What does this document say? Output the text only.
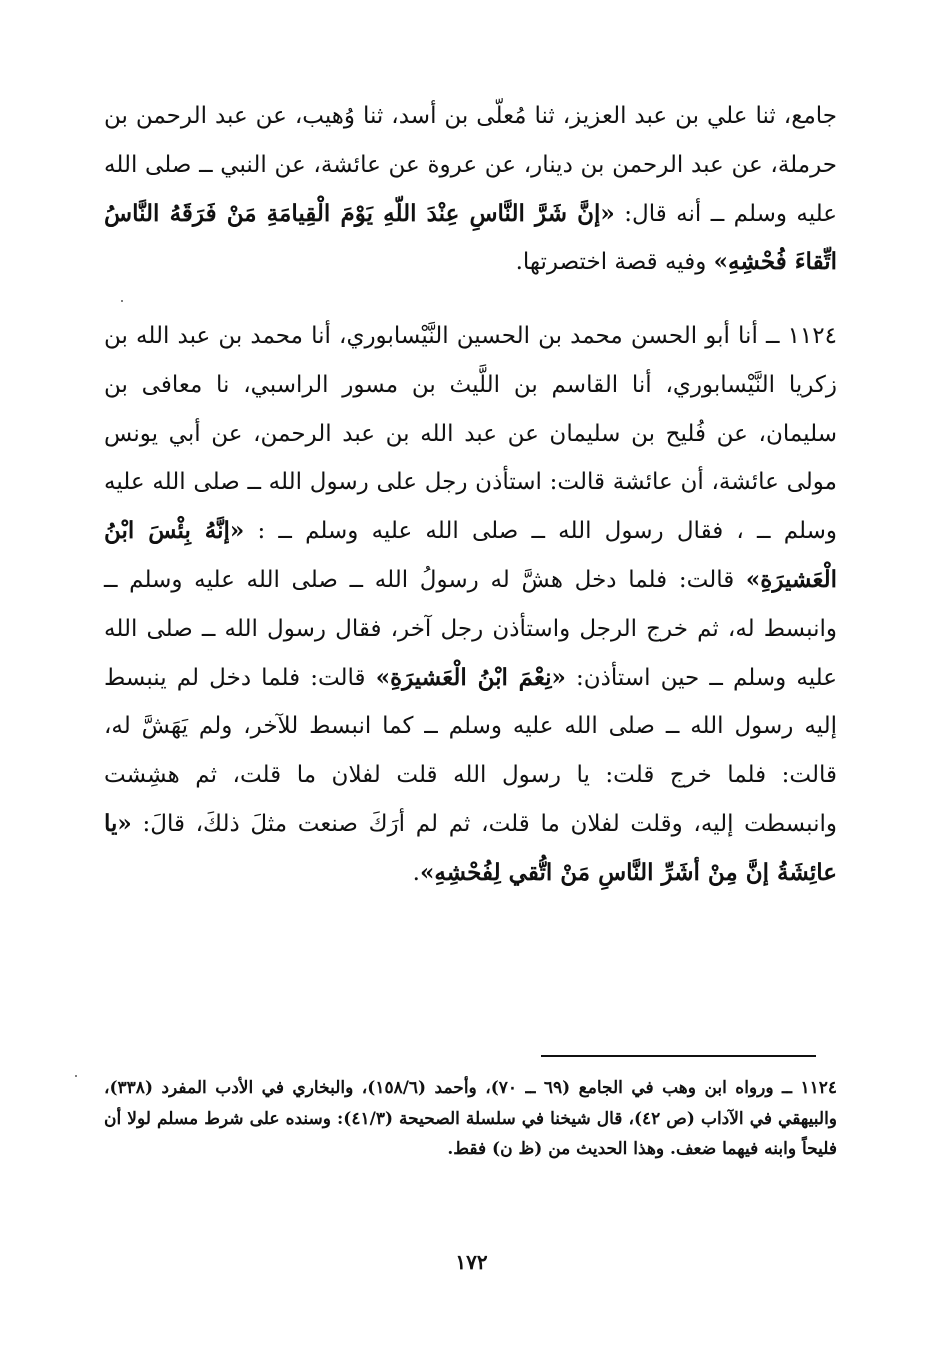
جامع، ثنا علي بن عبد العزيز، ثنا مُعلّى بن أسد، ثنا وُهيب، عن عبد الرحمن بن حرملة، عن عبد الرحمن بن دينار، عن عروة عن عائشة، عن النبي ــ صلى الله عليه وسلم ــ أنه قال: «إنَّ شَرَّ النَّاسِ عِنْدَ اللّهِ يَوْمَ الْقِيامَةِ مَنْ فَرَقَهُ النَّاسُ اتِّقاءَ فُحْشِهِ» وفيه قصة اختصرتها.

١١٢٤ ــ أنا أبو الحسن محمد بن الحسين النَّيْسابوري، أنا محمد بن عبد الله بن زكريا النَّيْسابوري، أنا القاسم بن اللَّيث بن مسور الراسبي، نا معافى بن سليمان، عن فُليح بن سليمان عن عبد الله بن عبد الرحمن، عن أبي يونس مولى عائشة، أن عائشة قالت: استأذن رجل على رسول الله ــ صلى الله عليه وسلم ــ ، فقال رسول الله ــ صلى الله عليه وسلم ــ : «إنَّهُ بِئْسَ ابْنُ الْعَشيرَةِ» قالت: فلما دخل هشَّ له رسولُ الله ــ صلى الله عليه وسلم ــ وانبسط له، ثم خرج الرجل واستأذن رجل آخر، فقال رسول الله ــ صلى الله عليه وسلم ــ حين استأذن: «نِعْمَ ابْنُ الْعَشيرَةِ» قالت: فلما دخل لم ينبسط إليه رسول الله ــ صلى الله عليه وسلم ــ كما انبسط للآخر، ولم يَهَشَّ له، قالت: فلما خرج قلت: يا رسول الله قلت لفلان ما قلت، ثم هشِشت وانبسطت إليه، وقلت لفلان ما قلت، ثم لم أرَكَ صنعت مثلَ ذلكَ، قالَ: «يا عائِشَةُ إنَّ مِنْ أشَرِّ النَّاسِ مَنْ اتُّقي لِفُحْشِهِ».

١١٢٤ ــ ورواه ابن وهب في الجامع (٦٩ ــ ٧٠)، وأحمد (١٥٨/٦)، والبخاري في الأدب المفرد (٣٣٨)، والبيهقي في الآداب (ص ٤٢)، قال شيخنا في سلسلة الصحيحة (٤١/٣): وسنده على شرط مسلم لولا أن فليحاً وابنه فيهما ضعف. وهذا الحديث من (ظ ن) فقط.

١٧٢
